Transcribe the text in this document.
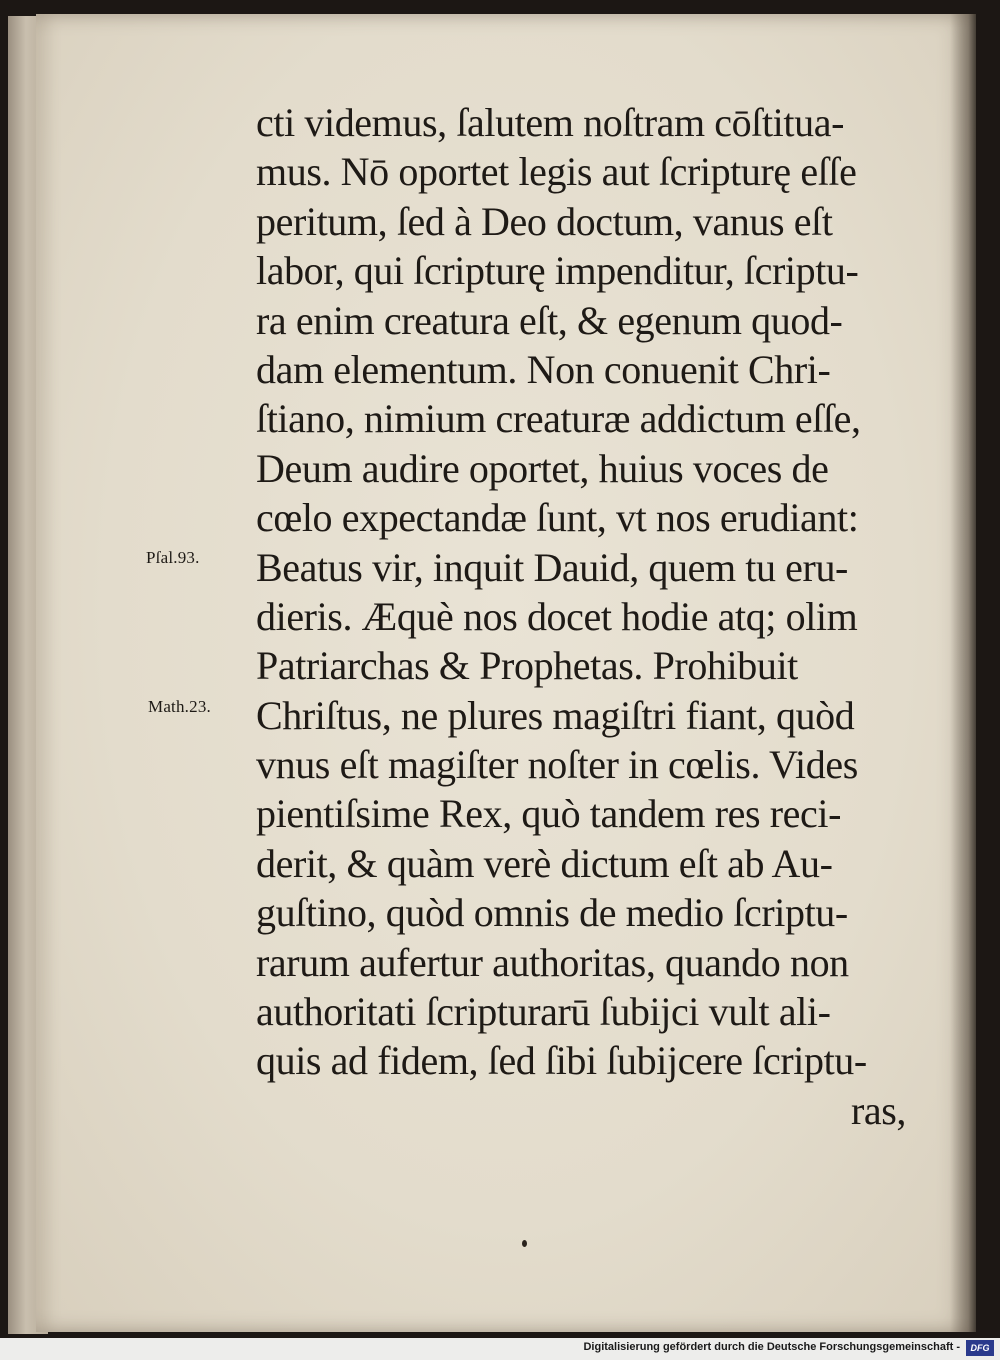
Pſal.93.
Math.23.
cti videmus, ſalutem noſtram cōſtitua-
mus. Nō oportet legis aut ſcripturę eſſe
peritum, ſed à Deo doctum, vanus eſt
labor, qui ſcripturę impenditur, ſcriptu-
ra enim creatura eſt, & egenum quod-
dam elementum. Non conuenit Chri-
ſtiano, nimium creaturæ addictum eſſe,
Deum audire oportet, huius voces de
cœlo expectandæ ſunt, vt nos erudiant:
Beatus vir, inquit Dauid, quem tu eru-
dieris. Æquè nos docet hodie atq; olim
Patriarchas & Prophetas. Prohibuit
Chriſtus, ne plures magiſtri fiant, quòd
vnus eſt magiſter noſter in cœlis. Vides
pientiſsime Rex, quò tandem res reci-
derit, & quàm verè dictum eſt ab Au-
guſtino, quòd omnis de medio ſcriptu-
rarum aufertur authoritas, quando non
authoritati ſcripturarū ſubijci vult ali-
quis ad fidem, ſed ſibi ſubijcere ſcriptu-
ras,
Digitalisierung gefördert durch die Deutsche Forschungsgemeinschaft -	DFG
